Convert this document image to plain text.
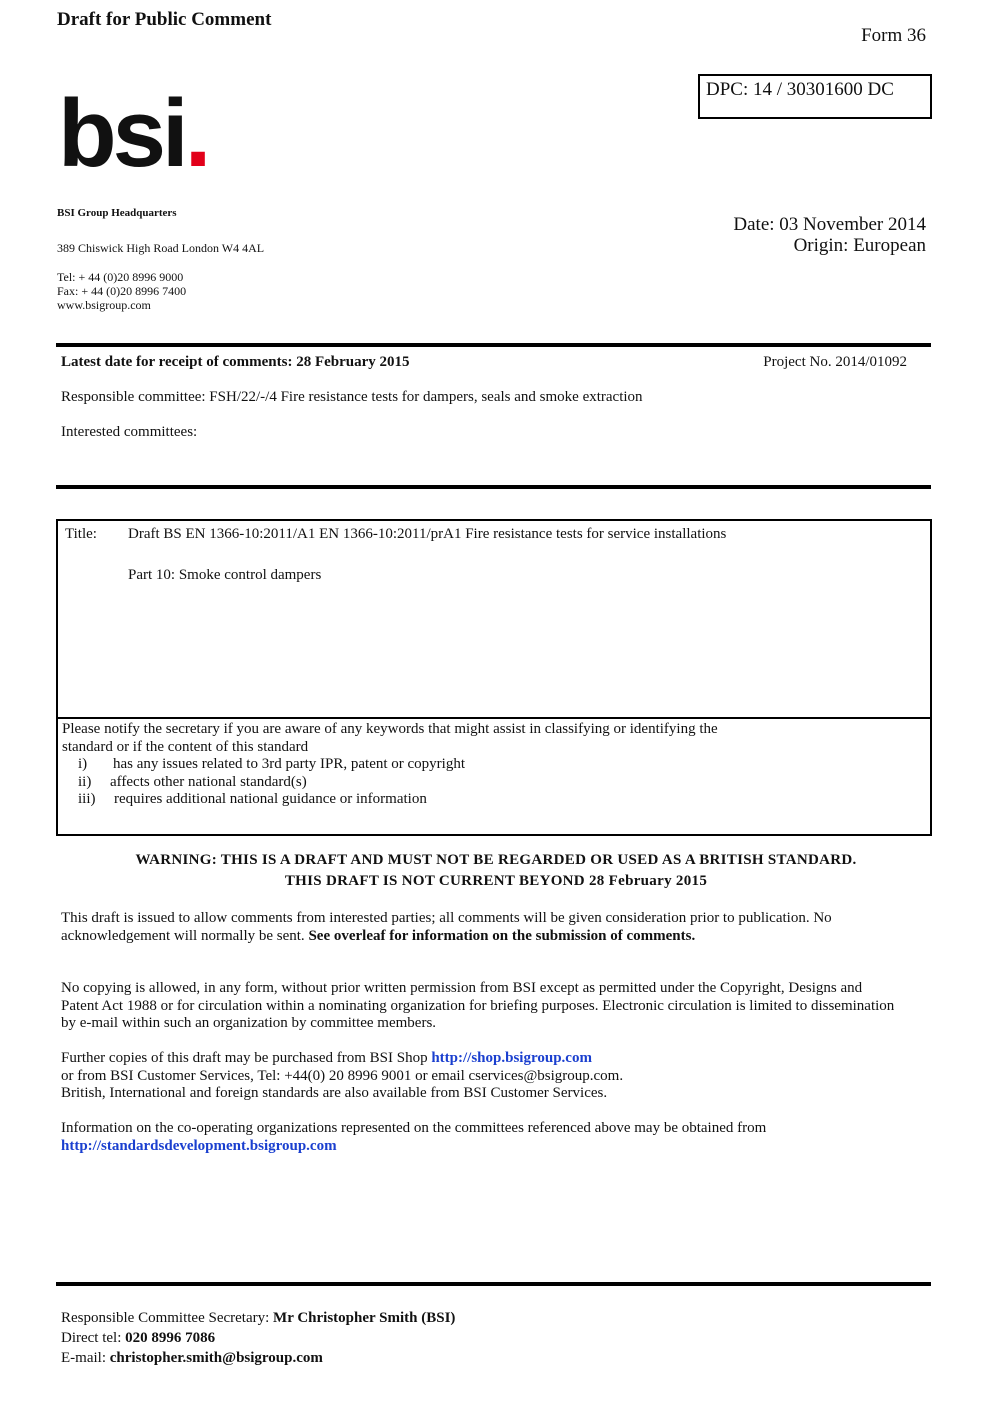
Draft for Public Comment
Form 36
DPC: 14 / 30301600 DC
bsi.
BSI Group Headquarters
389 Chiswick High Road London W4 4AL
Tel: + 44 (0)20 8996 9000
Fax: + 44 (0)20 8996 7400
www.bsigroup.com
Date: 03 November 2014
Origin: European
Latest date for receipt of comments: 28 February 2015	Project No. 2014/01092
Responsible committee: FSH/22/-/4 Fire resistance tests for dampers, seals and smoke extraction
Interested committees:
Title: Draft BS EN 1366-10:2011/A1 EN 1366-10:2011/prA1 Fire resistance tests for service installations
Part 10: Smoke control dampers
Please notify the secretary if you are aware of any keywords that might assist in classifying or identifying the
standard or if the content of this standard
i) has any issues related to 3rd party IPR, patent or copyright
ii) affects other national standard(s)
iii) requires additional national guidance or information
WARNING: THIS IS A DRAFT AND MUST NOT BE REGARDED OR USED AS A BRITISH STANDARD.
THIS DRAFT IS NOT CURRENT BEYOND 28 February 2015
This draft is issued to allow comments from interested parties; all comments will be given consideration prior to publication. No acknowledgement will normally be sent. See overleaf for information on the submission of comments.
No copying is allowed, in any form, without prior written permission from BSI except as permitted under the Copyright, Designs and Patent Act 1988 or for circulation within a nominating organization for briefing purposes. Electronic circulation is limited to dissemination by e-mail within such an organization by committee members.
Further copies of this draft may be purchased from BSI Shop http://shop.bsigroup.com
or from BSI Customer Services, Tel: +44(0) 20 8996 9001 or email cservices@bsigroup.com.
British, International and foreign standards are also available from BSI Customer Services.
Information on the co-operating organizations represented on the committees referenced above may be obtained from
http://standardsdevelopment.bsigroup.com
Responsible Committee Secretary: Mr Christopher Smith (BSI)
Direct tel: 020 8996 7086
E-mail: christopher.smith@bsigroup.com
